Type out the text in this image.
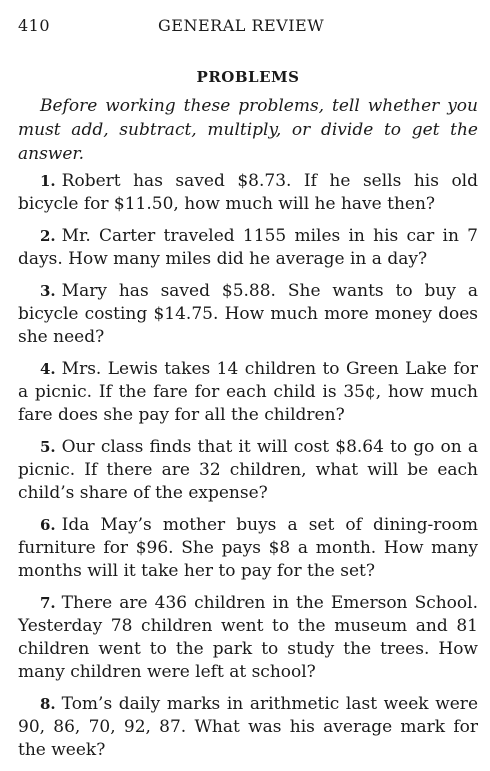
410	GENERAL REVIEW
PROBLEMS

Before working these problems, tell whether you must add, subtract, multiply, or divide to get the answer.

1. Robert has saved $8.73. If he sells his old bicycle for $11.50, how much will he have then?

2. Mr. Carter traveled 1155 miles in his car in 7 days. How many miles did he average in a day?

3. Mary has saved $5.88. She wants to buy a bicycle costing $14.75. How much more money does she need?

4. Mrs. Lewis takes 14 children to Green Lake for a picnic. If the fare for each child is 35¢, how much fare does she pay for all the children?

5. Our class finds that it will cost $8.64 to go on a picnic. If there are 32 children, what will be each child’s share of the expense?

6. Ida May’s mother buys a set of dining-room furniture for $96. She pays $8 a month. How many months will it take her to pay for the set?

7. There are 436 children in the Emerson School. Yesterday 78 children went to the museum and 81 children went to the park to study the trees. How many children were left at school?

8. Tom’s daily marks in arithmetic last week were 90, 86, 70, 92, 87. What was his average mark for the week?
